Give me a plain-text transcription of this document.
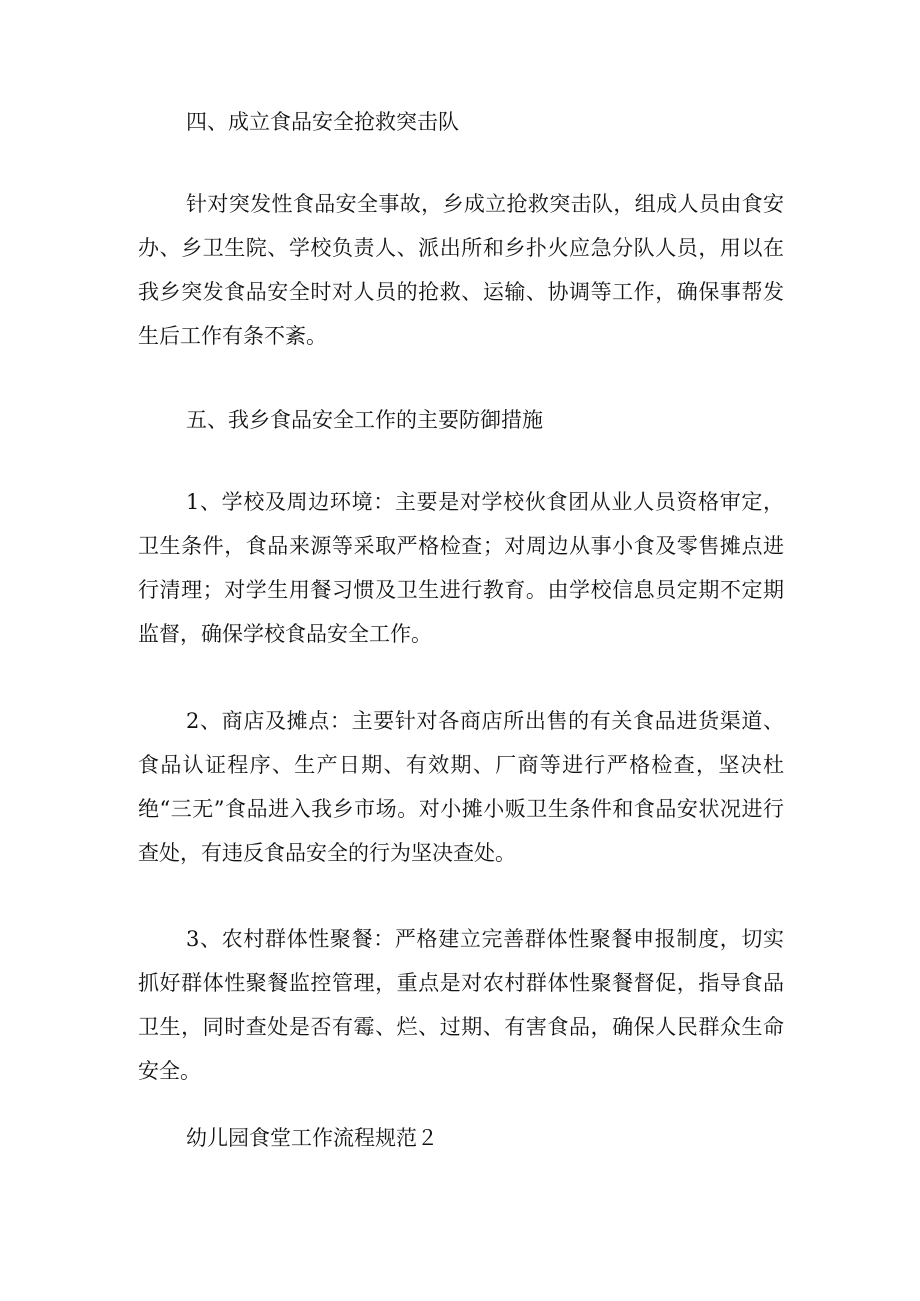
四、成立食品安全抢救突击队

针对突发性食品安全事故，乡成立抢救突击队，组成人员由食安办、乡卫生院、学校负责人、派出所和乡扑火应急分队人员，用以在我乡突发食品安全时对人员的抢救、运输、协调等工作，确保事帮发生后工作有条不紊。

五、我乡食品安全工作的主要防御措施

1、学校及周边环境：主要是对学校伙食团从业人员资格审定，卫生条件，食品来源等采取严格检查；对周边从事小食及零售摊点进行清理；对学生用餐习惯及卫生进行教育。由学校信息员定期不定期监督，确保学校食品安全工作。

2、商店及摊点：主要针对各商店所出售的有关食品进货渠道、食品认证程序、生产日期、有效期、厂商等进行严格检查，坚决杜绝“三无”食品进入我乡市场。对小摊小贩卫生条件和食品安状况进行查处，有违反食品安全的行为坚决查处。

3、农村群体性聚餐：严格建立完善群体性聚餐申报制度，切实抓好群体性聚餐监控管理，重点是对农村群体性聚餐督促，指导食品卫生，同时查处是否有霉、烂、过期、有害食品，确保人民群众生命安全。

幼儿园食堂工作流程规范２
